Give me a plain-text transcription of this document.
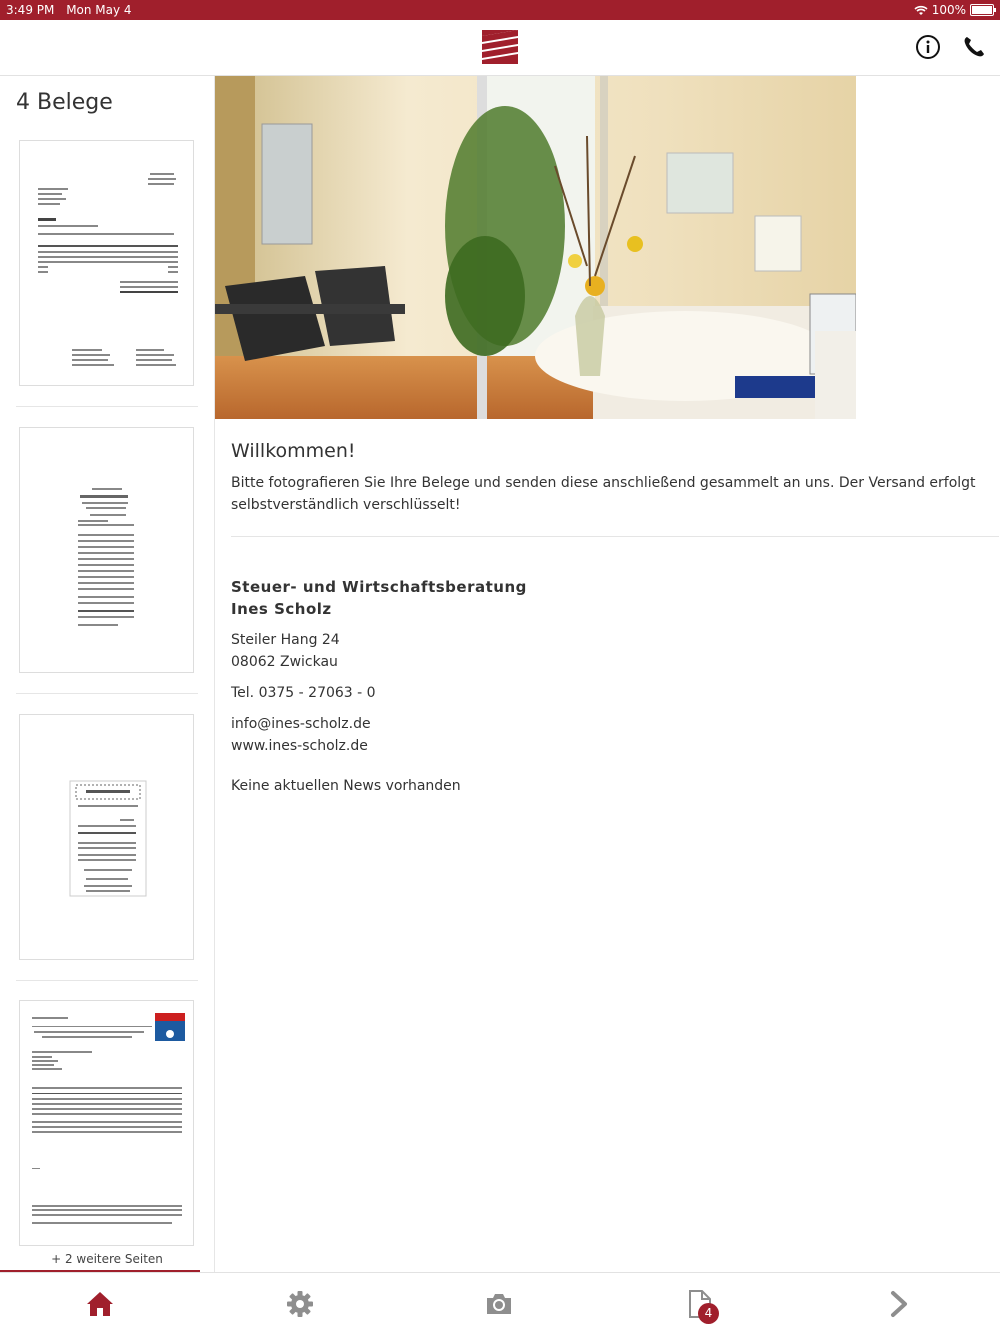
3:49 PM Mon May 4	100%
4 Belege
+ 2 weitere Seiten
Willkommen!
Bitte fotografieren Sie Ihre Belege und senden diese anschließend gesammelt an uns. Der Versand erfolgt selbstverständlich verschlüsselt!
Steuer- und Wirtschaftsberatung
Ines Scholz
Steiler Hang 24
08062 Zwickau
Tel. 0375 - 27063 - 0
info@ines-scholz.de
www.ines-scholz.de
Keine aktuellen News vorhanden
4
